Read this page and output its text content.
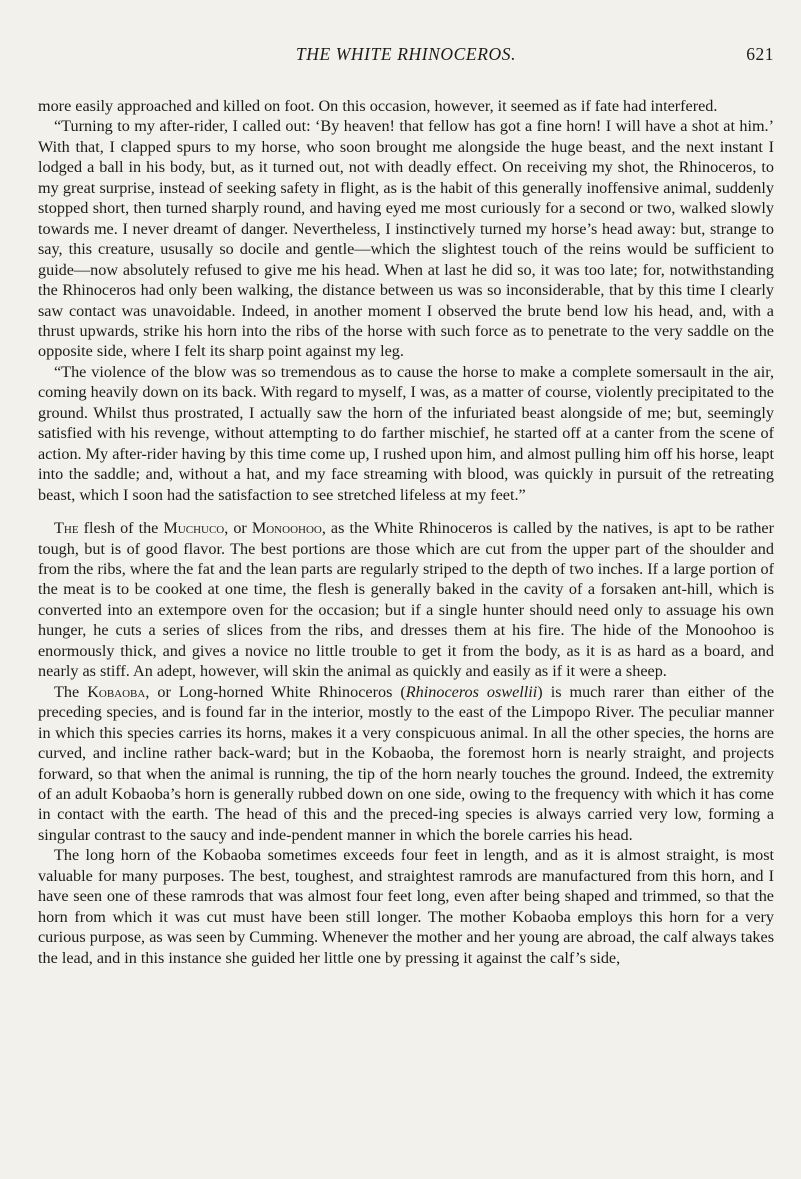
THE WHITE RHINOCEROS.	621

more easily approached and killed on foot. On this occasion, however, it seemed as if fate had interfered.

“Turning to my after-rider, I called out: ‘By heaven! that fellow has got a fine horn! I will have a shot at him.’ With that, I clapped spurs to my horse, who soon brought me alongside the huge beast, and the next instant I lodged a ball in his body, but, as it turned out, not with deadly effect. On receiving my shot, the Rhinoceros, to my great surprise, instead of seeking safety in flight, as is the habit of this generally inoffensive animal, suddenly stopped short, then turned sharply round, and having eyed me most curiously for a second or two, walked slowly towards me. I never dreamt of danger. Nevertheless, I instinctively turned my horse’s head away: but, strange to say, this creature, ususally so docile and gentle—which the slightest touch of the reins would be sufficient to guide—now absolutely refused to give me his head. When at last he did so, it was too late; for, notwithstanding the Rhinoceros had only been walking, the distance between us was so inconsiderable, that by this time I clearly saw contact was unavoidable. Indeed, in another moment I observed the brute bend low his head, and, with a thrust upwards, strike his horn into the ribs of the horse with such force as to penetrate to the very saddle on the opposite side, where I felt its sharp point against my leg.

“The violence of the blow was so tremendous as to cause the horse to make a complete somersault in the air, coming heavily down on its back. With regard to myself, I was, as a matter of course, violently precipitated to the ground. Whilst thus prostrated, I actually saw the horn of the infuriated beast alongside of me; but, seemingly satisfied with his revenge, without attempting to do farther mischief, he started off at a canter from the scene of action. My after-rider having by this time come up, I rushed upon him, and almost pulling him off his horse, leapt into the saddle; and, without a hat, and my face streaming with blood, was quickly in pursuit of the retreating beast, which I soon had the satisfaction to see stretched lifeless at my feet.”

The flesh of the Muchuco, or Monoohoo, as the White Rhinoceros is called by the natives, is apt to be rather tough, but is of good flavor. The best portions are those which are cut from the upper part of the shoulder and from the ribs, where the fat and the lean parts are regularly striped to the depth of two inches. If a large portion of the meat is to be cooked at one time, the flesh is generally baked in the cavity of a forsaken ant-hill, which is converted into an extempore oven for the occasion; but if a single hunter should need only to assuage his own hunger, he cuts a series of slices from the ribs, and dresses them at his fire. The hide of the Monoohoo is enormously thick, and gives a novice no little trouble to get it from the body, as it is as hard as a board, and nearly as stiff. An adept, however, will skin the animal as quickly and easily as if it were a sheep.

The Kobaoba, or Long-horned White Rhinoceros (Rhinoceros oswellii) is much rarer than either of the preceding species, and is found far in the interior, mostly to the east of the Limpopo River. The peculiar manner in which this species carries its horns, makes it a very conspicuous animal. In all the other species, the horns are curved, and incline rather back-ward; but in the Kobaoba, the foremost horn is nearly straight, and projects forward, so that when the animal is running, the tip of the horn nearly touches the ground. Indeed, the extremity of an adult Kobaoba’s horn is generally rubbed down on one side, owing to the frequency with which it has come in contact with the earth. The head of this and the preced-ing species is always carried very low, forming a singular contrast to the saucy and inde-pendent manner in which the borele carries his head.

The long horn of the Kobaoba sometimes exceeds four feet in length, and as it is almost straight, is most valuable for many purposes. The best, toughest, and straightest ramrods are manufactured from this horn, and I have seen one of these ramrods that was almost four feet long, even after being shaped and trimmed, so that the horn from which it was cut must have been still longer. The mother Kobaoba employs this horn for a very curious purpose, as was seen by Cumming. Whenever the mother and her young are abroad, the calf always takes the lead, and in this instance she guided her little one by pressing it against the calf’s side,
